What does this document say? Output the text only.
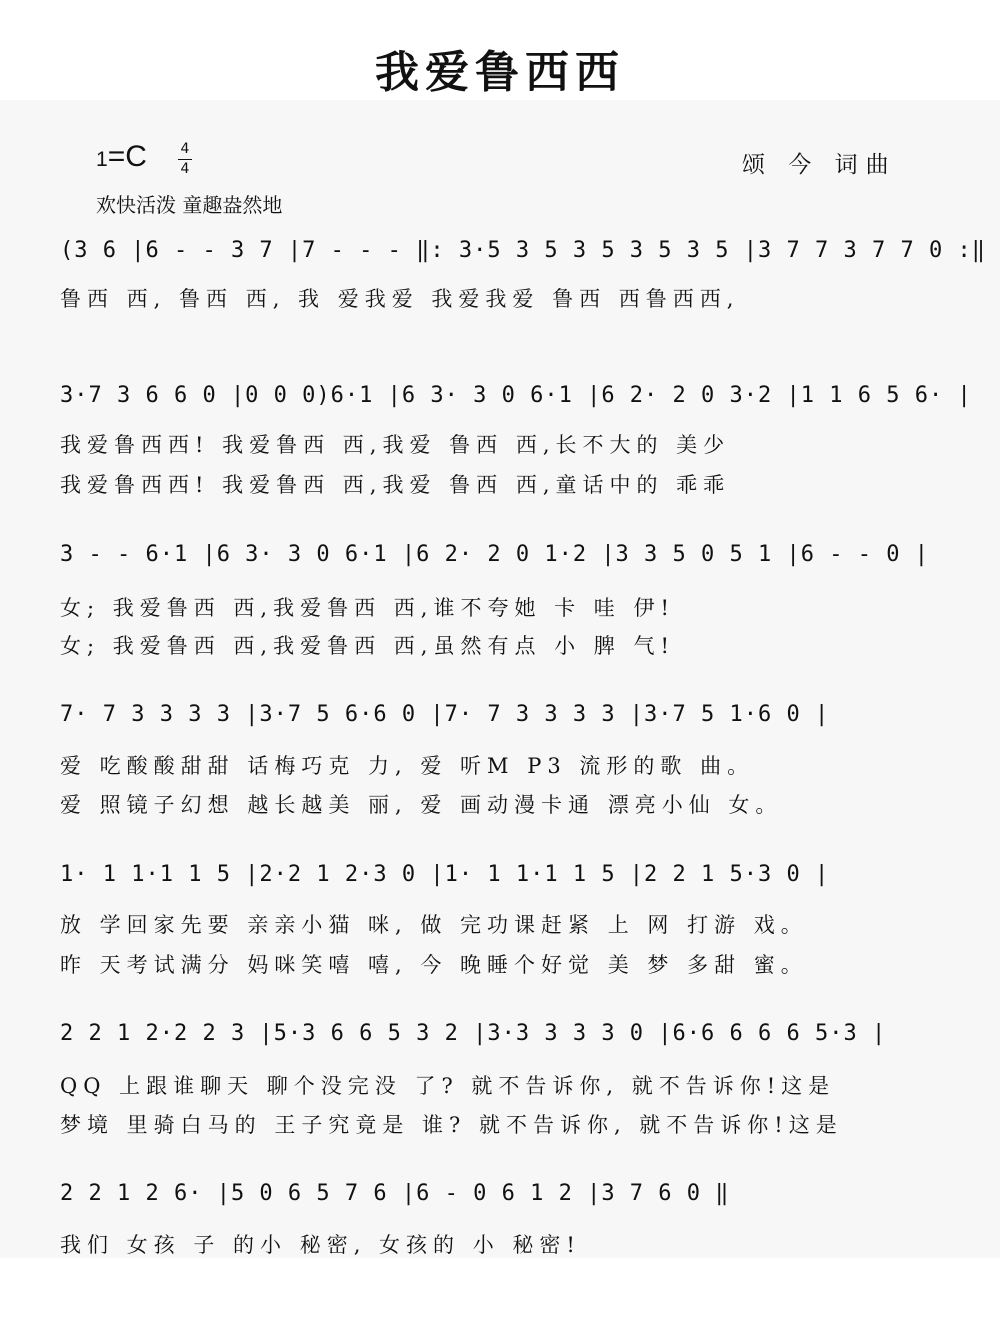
我爱鲁西西
1=C 4
4	颂 今 词曲
欢快活泼 童趣盎然地
(3 6 |6 - - 3 7 |7 - - - ‖: 3·5 3 5 3 5 3 5 3 5 |3 7 7 3 7 7 0 :‖
鲁西 西, 鲁西 西, 我 爱我爱 我爱我爱 鲁西 西鲁西西,
3·7 3 6 6 0 |0 0 0)6·1 |6 3· 3 0 6·1 |6 2· 2 0 3·2 |1 1 6 5 6· |
我爱鲁西西! 我爱鲁西 西,我爱 鲁西 西,长不大的 美少
我爱鲁西西! 我爱鲁西 西,我爱 鲁西 西,童话中的 乖乖
3 - - 6·1 |6 3· 3 0 6·1 |6 2· 2 0 1·2 |3 3 5 0 5 1 |6 - - 0 |
女; 我爱鲁西 西,我爱鲁西 西,谁不夸她 卡 哇 伊!
女; 我爱鲁西 西,我爱鲁西 西,虽然有点 小 脾 气!
7· 7 3 3 3 3 |3·7 5 6·6 0 |7· 7 3 3 3 3 |3·7 5 1·6 0 |
爱 吃酸酸甜甜 话梅巧克 力, 爱 听M P3 流形的歌 曲。
爱 照镜子幻想 越长越美 丽, 爱 画动漫卡通 漂亮小仙 女。
1· 1 1·1 1 5 |2·2 1 2·3 0 |1· 1 1·1 1 5 |2 2 1 5·3 0 |
放 学回家先要 亲亲小猫 咪, 做 完功课赶紧 上 网 打游 戏。
昨 天考试满分 妈咪笑嘻 嘻, 今 晚睡个好觉 美 梦 多甜 蜜。
2 2 1 2·2 2 3 |5·3 6 6 5 3 2 |3·3 3 3 3 0 |6·6 6 6 6 5·3 |
QQ 上跟谁聊天 聊个没完没 了? 就不告诉你, 就不告诉你!这是
梦境 里骑白马的 王子究竟是 谁? 就不告诉你, 就不告诉你!这是
2 2 1 2 6· |5 0 6 5 7 6 |6 - 0 6 1 2 |3 7 6 0 ‖
我们 女孩 子 的小 秘密, 女孩的 小 秘密!
